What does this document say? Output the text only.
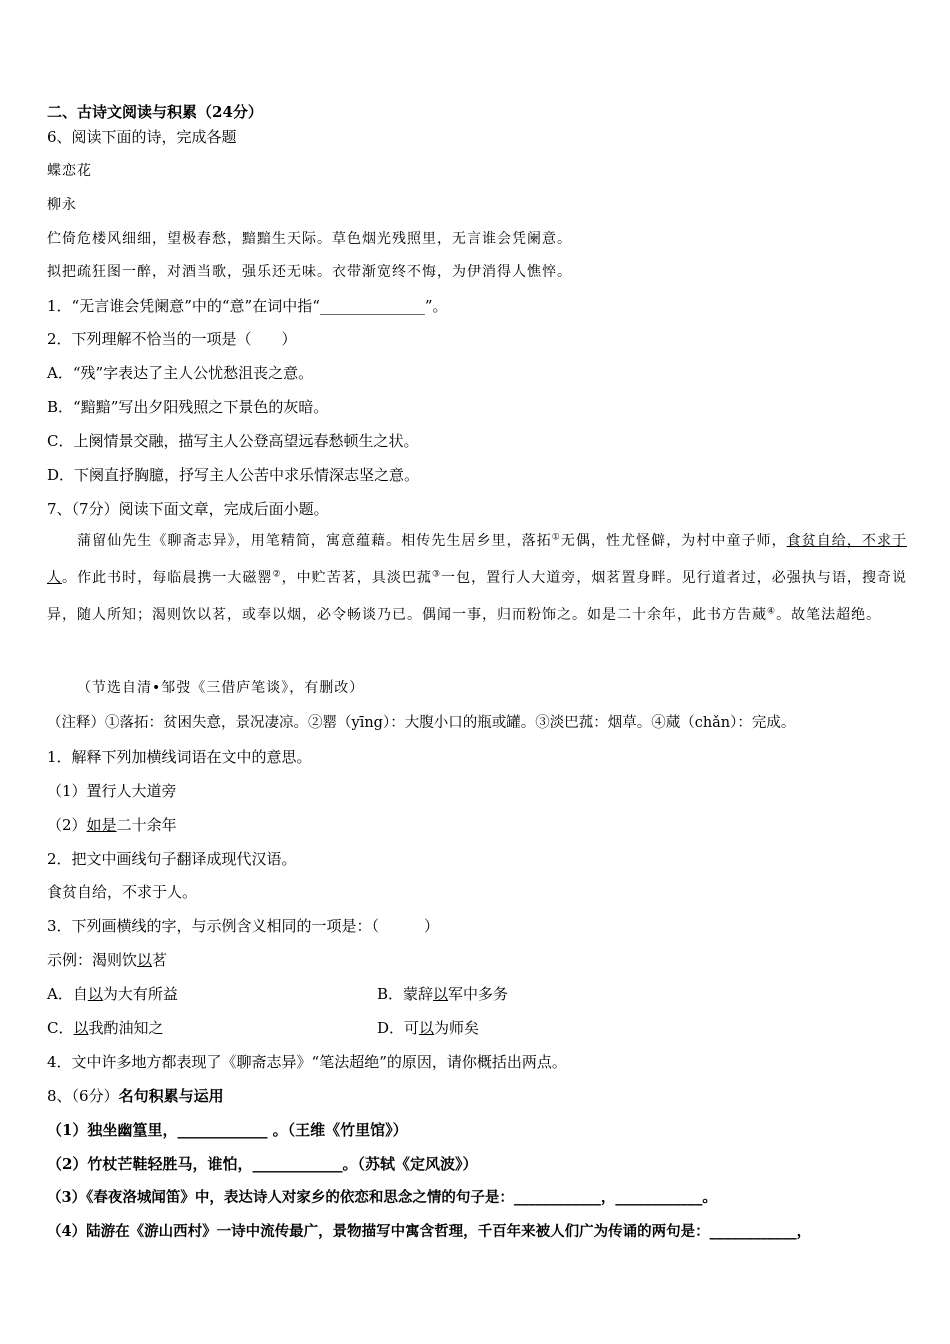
二、古诗文阅读与积累（24分）
6、阅读下面的诗，完成各题
蝶恋花
柳永
伫倚危楼风细细，望极春愁，黯黯生天际。草色烟光残照里，无言谁会凭阑意。
拟把疏狂图一醉，对酒当歌，强乐还无味。衣带渐宽终不悔，为伊消得人憔悴。
1．“无言谁会凭阑意”中的“意”在词中指“______________”。
2．下列理解不恰当的一项是（　　）
A．“残”字表达了主人公忧愁沮丧之意。
B．“黯黯”写出夕阳残照之下景色的灰暗。
C．上阕情景交融，描写主人公登高望远春愁顿生之状。
D．下阕直抒胸臆，抒写主人公苦中求乐情深志坚之意。
7、（7分）阅读下面文章，完成后面小题。
　　蒲留仙先生《聊斋志异》，用笔精简，寓意蕴藉。相传先生居乡里，落拓①无偶，性尤怪僻，为村中童子师，食贫自给，不求于人。作此书时，每临晨携一大磁罂②，中贮苦茗，具淡巴菰③一包，置行人大道旁，烟茗置身畔。见行道者过，必强执与语，搜奇说异，随人所知；渴则饮以茗，或奉以烟，必令畅谈乃已。偶闻一事，归而粉饰之。如是二十余年，此书方告蒇④。故笔法超绝。
（节选自清•邹弢《三借庐笔谈》，有删改）
（注释）①落拓：贫困失意，景况凄凉。②罂（yīng）：大腹小口的瓶或罐。③淡巴菰：烟草。④蒇（chǎn）：完成。
1．解释下列加横线词语在文中的意思。
（1）置行人大道旁
（2）如是二十余年
2．把文中画线句子翻译成现代汉语。
食贫自给，不求于人。
3．下列画横线的字，与示例含义相同的一项是：（　　　）
示例：渴则饮以茗
A．自以为大有所益	B．蒙辞以军中多务
C．以我酌油知之	D．可以为师矣
4．文中许多地方都表现了《聊斋志异》“笔法超绝”的原因，请你概括出两点。
8、（6分）名句积累与运用
（1）独坐幽篁里，____________ 。（王维《竹里馆》）
（2）竹杖芒鞋轻胜马，谁怕，____________。（苏轼《定风波》）
（3）《春夜洛城闻笛》中，表达诗人对家乡的依恋和思念之情的句子是：____________，____________。
（4）陆游在《游山西村》一诗中流传最广，景物描写中寓含哲理，千百年来被人们广为传诵的两句是：____________，
